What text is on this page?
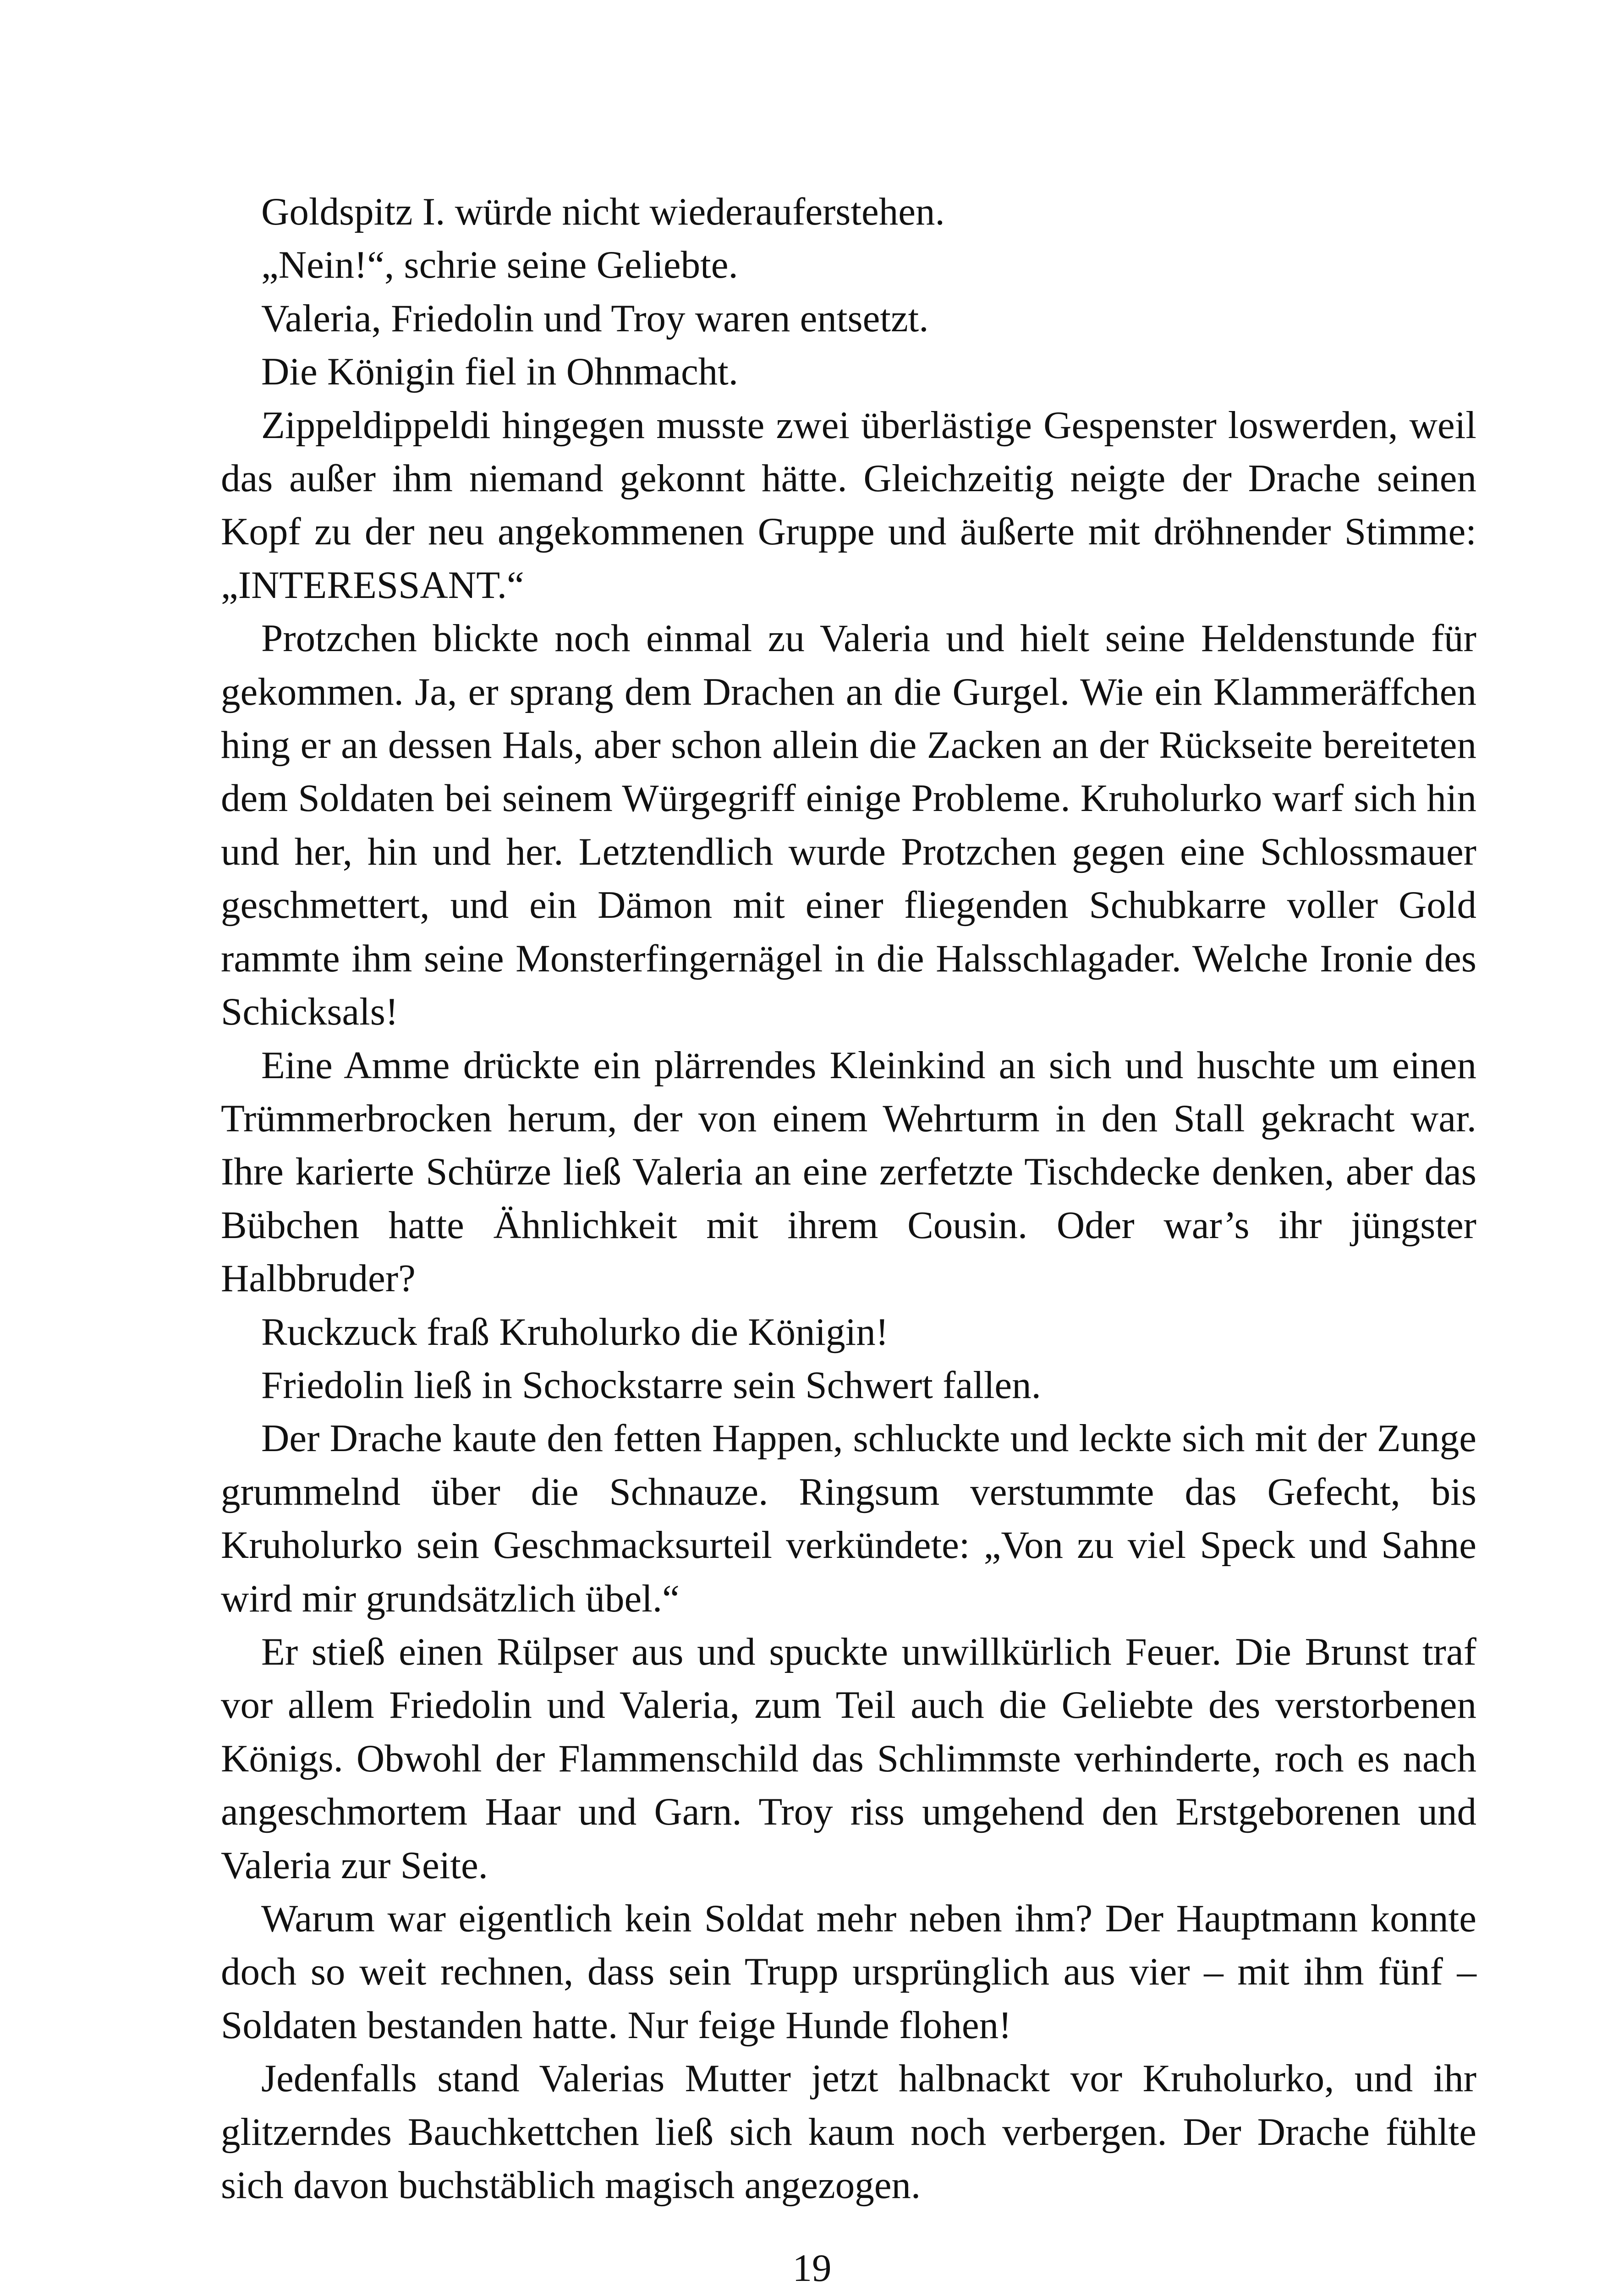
Goldspitz I. würde nicht wiederauferstehen.

„Nein!“, schrie seine Geliebte.

Valeria, Friedolin und Troy waren entsetzt.

Die Königin fiel in Ohnmacht.

Zippeldippeldi hingegen musste zwei überlästige Gespenster loswerden, weil das außer ihm niemand gekonnt hätte. Gleichzeitig neigte der Drache seinen Kopf zu der neu angekommenen Gruppe und äußerte mit dröhnender Stimme: „INTERESSANT.“

Protzchen blickte noch einmal zu Valeria und hielt seine Heldenstunde für gekommen. Ja, er sprang dem Drachen an die Gurgel. Wie ein Klammeräffchen hing er an dessen Hals, aber schon allein die Zacken an der Rückseite bereiteten dem Soldaten bei seinem Würgegriff einige Probleme. Kruholurko warf sich hin und her, hin und her. Letztendlich wurde Protzchen gegen eine Schlossmauer geschmettert, und ein Dämon mit einer fliegenden Schubkarre voller Gold rammte ihm seine Monsterfingernägel in die Halsschlagader. Welche Ironie des Schicksals!

Eine Amme drückte ein plärrendes Kleinkind an sich und huschte um einen Trümmerbrocken herum, der von einem Wehrturm in den Stall gekracht war. Ihre karierte Schürze ließ Valeria an eine zerfetzte Tischdecke denken, aber das Bübchen hatte Ähnlichkeit mit ihrem Cousin. Oder war’s ihr jüngster Halbbruder?

Ruckzuck fraß Kruholurko die Königin!

Friedolin ließ in Schockstarre sein Schwert fallen.

Der Drache kaute den fetten Happen, schluckte und leckte sich mit der Zunge grummelnd über die Schnauze. Ringsum verstummte das Gefecht, bis Kruholurko sein Geschmacksurteil verkündete: „Von zu viel Speck und Sahne wird mir grundsätzlich übel.“

Er stieß einen Rülpser aus und spuckte unwillkürlich Feuer. Die Brunst traf vor allem Friedolin und Valeria, zum Teil auch die Geliebte des verstorbenen Königs. Obwohl der Flammenschild das Schlimmste verhinderte, roch es nach angeschmortem Haar und Garn. Troy riss umgehend den Erstgeborenen und Valeria zur Seite.

Warum war eigentlich kein Soldat mehr neben ihm? Der Hauptmann konnte doch so weit rechnen, dass sein Trupp ursprünglich aus vier – mit ihm fünf – Soldaten bestanden hatte. Nur feige Hunde flohen!

Jedenfalls stand Valerias Mutter jetzt halbnackt vor Kruholurko, und ihr glitzerndes Bauchkettchen ließ sich kaum noch verbergen. Der Drache fühlte sich davon buchstäblich magisch angezogen.

19
